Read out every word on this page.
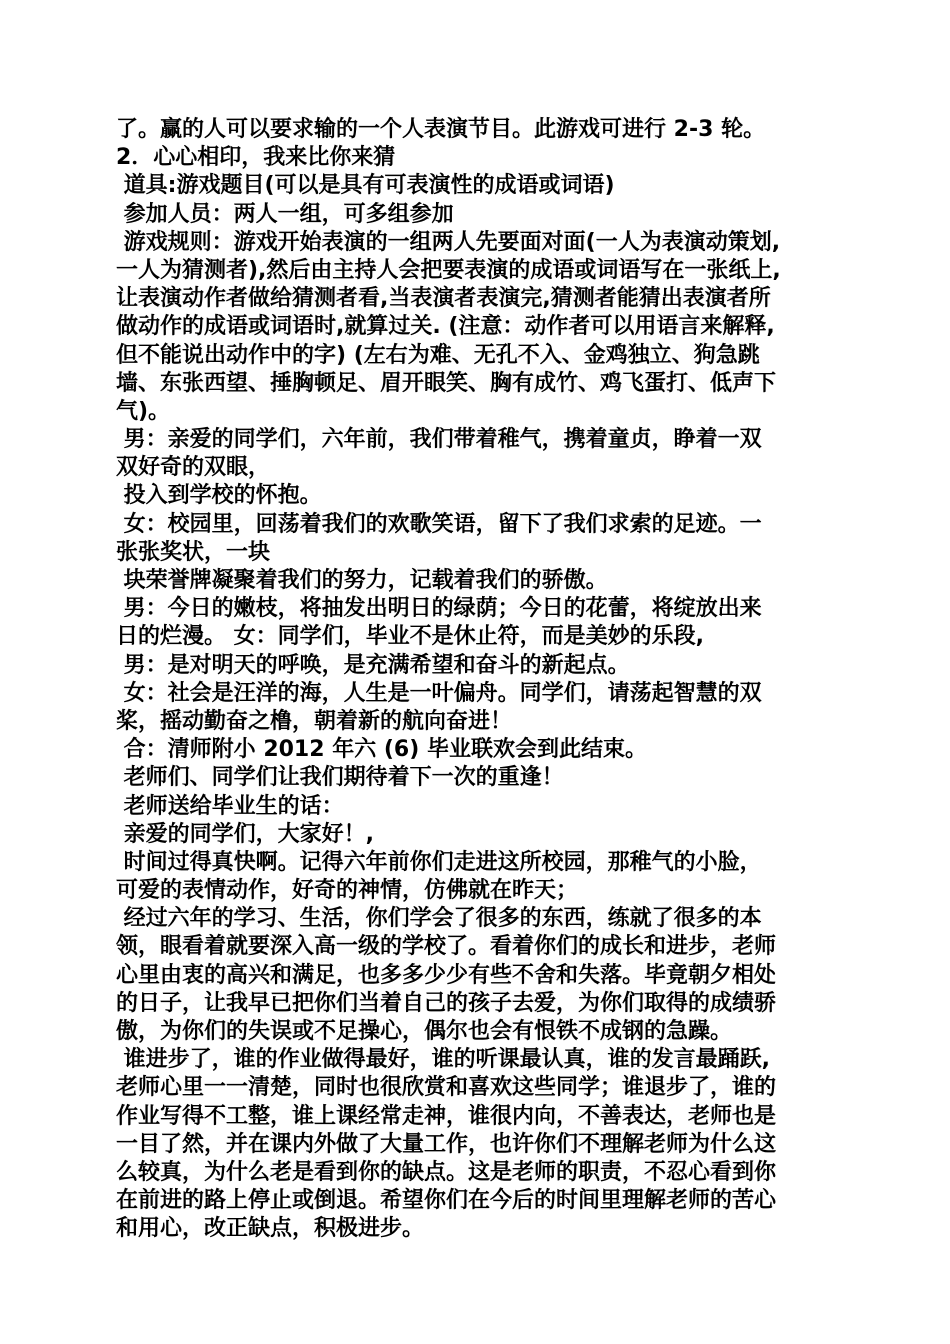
了。赢的人可以要求输的一个人表演节目。此游戏可进行 2-3 轮。
2．心心相印，我来比你来猜
道具:游戏题目(可以是具有可表演性的成语或词语)
参加人员：两人一组，可多组参加
游戏规则：游戏开始表演的一组两人先要面对面(一人为表演动策划,
一人为猜测者),然后由主持人会把要表演的成语或词语写在一张纸上,
让表演动作者做给猜测者看,当表演者表演完,猜测者能猜出表演者所
做动作的成语或词语时,就算过关. (注意：动作者可以用语言来解释,
但不能说出动作中的字) (左右为难、无孔不入、金鸡独立、狗急跳
墙、东张西望、捶胸顿足、眉开眼笑、胸有成竹、鸡飞蛋打、低声下
气)。
男：亲爱的同学们，六年前，我们带着稚气，携着童贞，睁着一双
双好奇的双眼，
投入到学校的怀抱。
女：校园里，回荡着我们的欢歌笑语，留下了我们求索的足迹。一
张张奖状，一块
块荣誉牌凝聚着我们的努力，记载着我们的骄傲。
男：今日的嫩枝，将抽发出明日的绿荫；今日的花蕾，将绽放出来
日的烂漫。 女：同学们，毕业不是休止符，而是美妙的乐段,
男：是对明天的呼唤，是充满希望和奋斗的新起点。
女：社会是汪洋的海，人生是一叶偏舟。同学们，请荡起智慧的双
桨，摇动勤奋之橹，朝着新的航向奋进！
合：清师附小 2012 年六 (6) 毕业联欢会到此结束。
老师们、同学们让我们期待着下一次的重逢！
老师送给毕业生的话：
亲爱的同学们，大家好！,
时间过得真快啊。记得六年前你们走进这所校园，那稚气的小脸，
可爱的表情动作，好奇的神情，仿佛就在昨天；
经过六年的学习、生活，你们学会了很多的东西，练就了很多的本
领，眼看着就要深入高一级的学校了。看着你们的成长和进步，老师
心里由衷的高兴和满足，也多多少少有些不舍和失落。毕竟朝夕相处
的日子，让我早已把你们当着自己的孩子去爱，为你们取得的成绩骄
傲，为你们的失误或不足操心，偶尔也会有恨铁不成钢的急躁。
谁进步了，谁的作业做得最好，谁的听课最认真，谁的发言最踊跃,
老师心里一一清楚，同时也很欣赏和喜欢这些同学；谁退步了，谁的
作业写得不工整，谁上课经常走神，谁很内向，不善表达，老师也是
一目了然，并在课内外做了大量工作，也许你们不理解老师为什么这
么较真，为什么老是看到你的缺点。这是老师的职责，不忍心看到你
在前进的路上停止或倒退。希望你们在今后的时间里理解老师的苦心
和用心，改正缺点，积极进步。
